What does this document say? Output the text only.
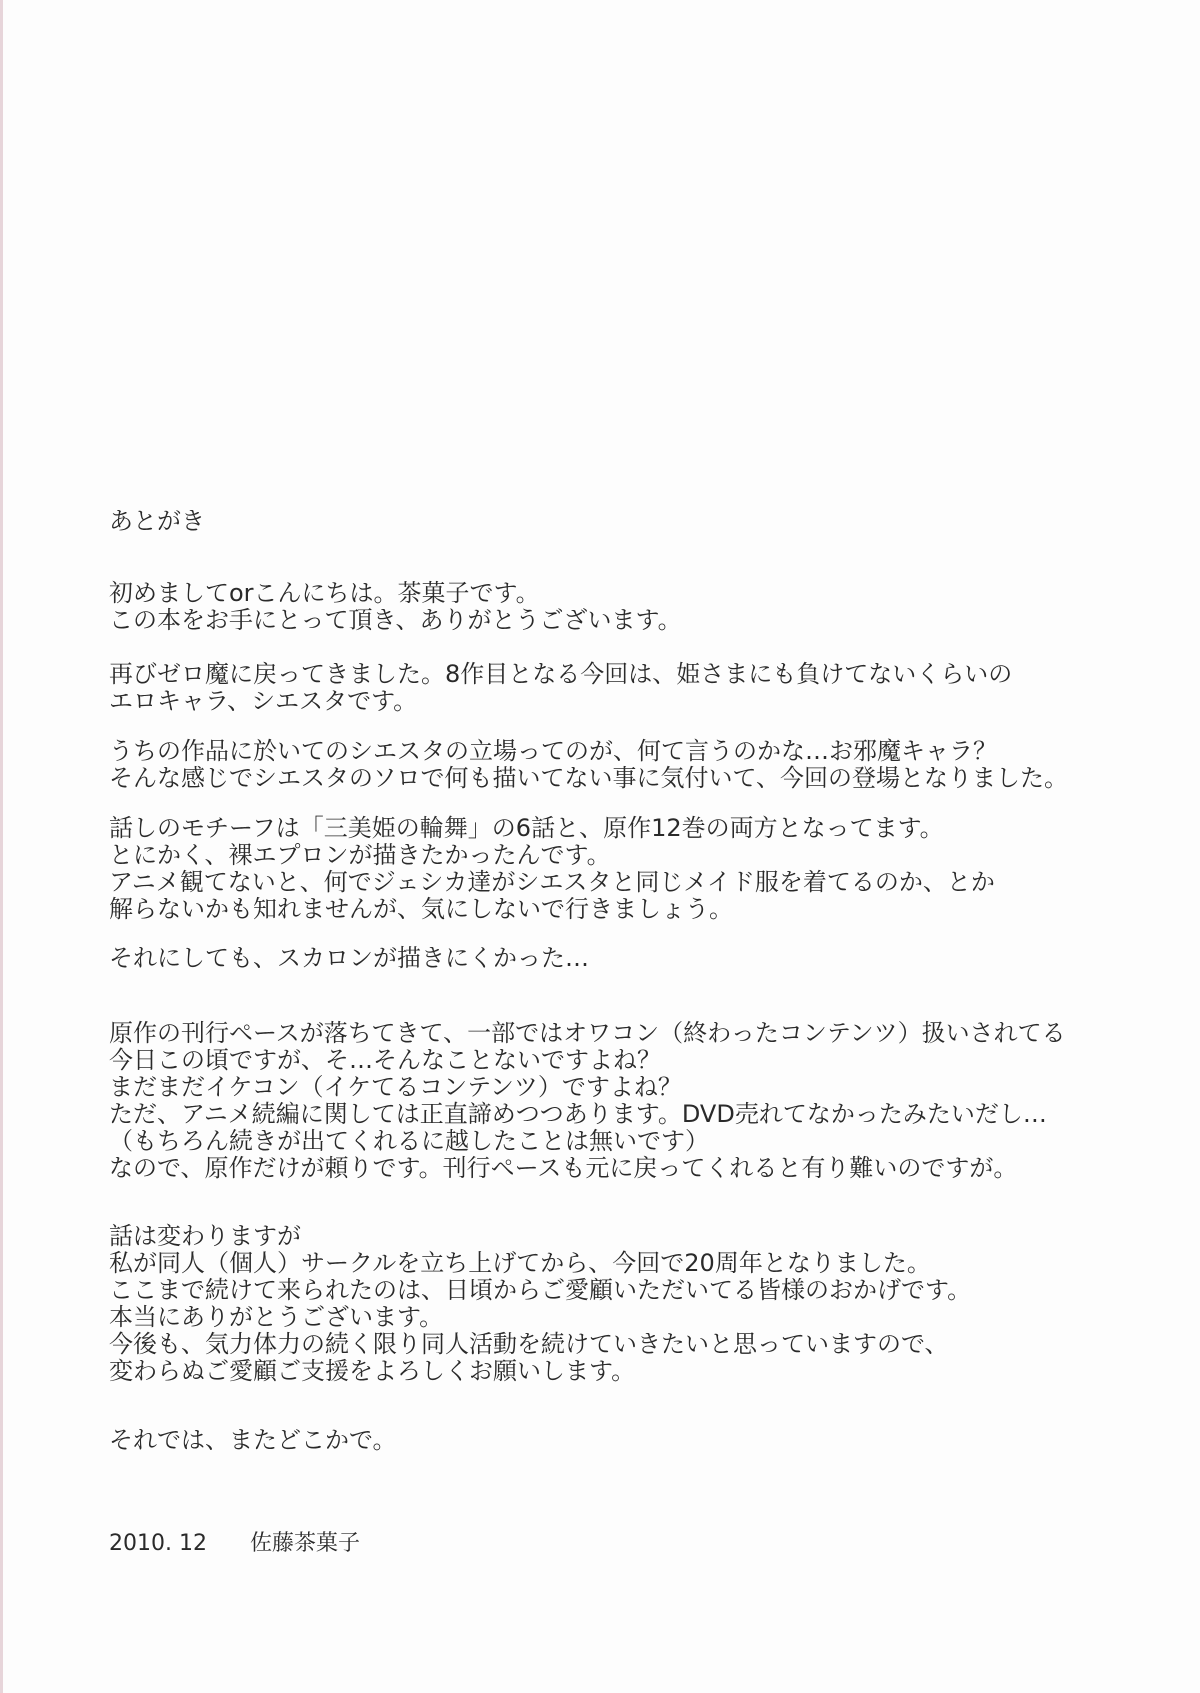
あとがき

初めましてorこんにちは。茶菓子です。
この本をお手にとって頂き、ありがとうございます。

再びゼロ魔に戻ってきました。8作目となる今回は、姫さまにも負けてないくらいの
エロキャラ、シエスタです。

うちの作品に於いてのシエスタの立場ってのが、何て言うのかな…お邪魔キャラ？
そんな感じでシエスタのソロで何も描いてない事に気付いて、今回の登場となりました。

話しのモチーフは「三美姫の輪舞」の6話と、原作12巻の両方となってます。
とにかく、裸エプロンが描きたかったんです。
アニメ観てないと、何でジェシカ達がシエスタと同じメイド服を着てるのか、とか
解らないかも知れませんが、気にしないで行きましょう。

それにしても、スカロンが描きにくかった…

原作の刊行ペースが落ちてきて、一部ではオワコン（終わったコンテンツ）扱いされてる
今日この頃ですが、そ…そんなことないですよね？
まだまだイケコン（イケてるコンテンツ）ですよね？
ただ、アニメ続編に関しては正直諦めつつあります。DVD売れてなかったみたいだし…
（もちろん続きが出てくれるに越したことは無いです）
なので、原作だけが頼りです。刊行ペースも元に戻ってくれると有り難いのですが。

話は変わりますが
私が同人（個人）サークルを立ち上げてから、今回で20周年となりました。
ここまで続けて来られたのは、日頃からご愛顧いただいてる皆様のおかげです。
本当にありがとうございます。
今後も、気力体力の続く限り同人活動を続けていきたいと思っていますので、
変わらぬご愛顧ご支援をよろしくお願いします。

それでは、またどこかで。

2010. 12 佐藤茶菓子
